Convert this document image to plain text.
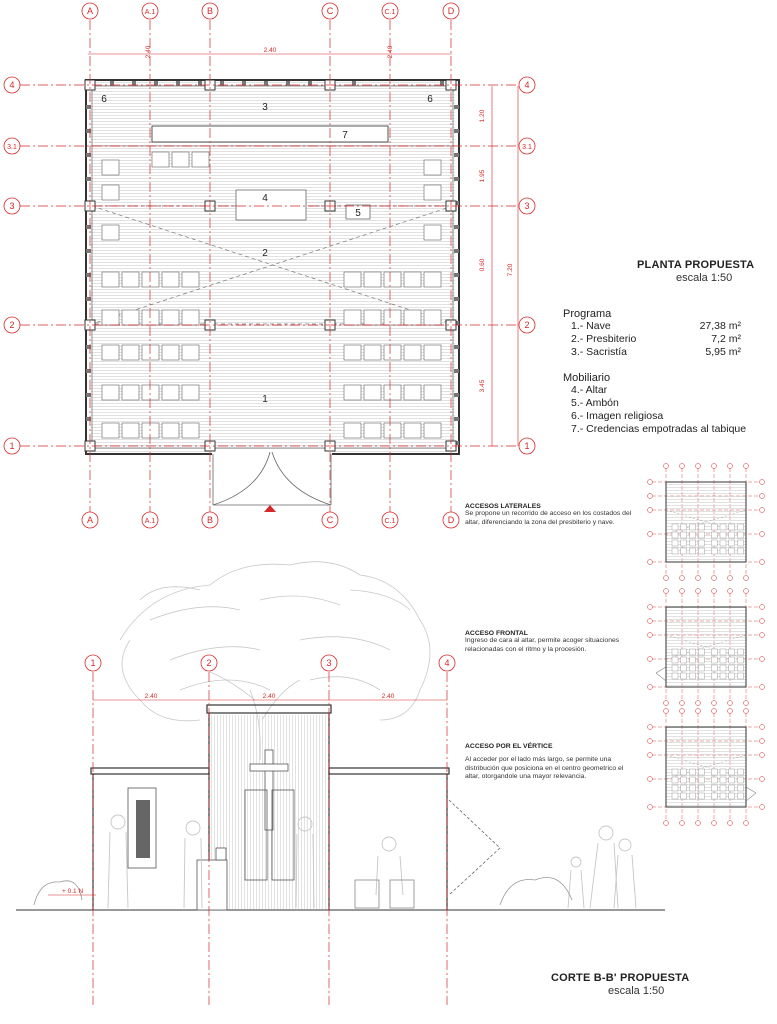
1
2
3
4
5
6	6
7
A
A
A.1
A.1
B
B
C
C
C.1
C.1
D
D
4	4
3.1	3.1
3	3
2	2
1	1
2.40	2.40	2.40
1.20
1.95
0.60
3.45
7.20
+ 0.1 N
1	2	3	4
2.40	2.40	2.40
PLANTA PROPUESTA
escala 1:50
Programa
1.- Nave	27,38 m²
2.- Presbiterio	7,2 m²
3.- Sacristía	5,95 m²
Mobiliario
4.- Altar
5.- Ambón
6.- Imagen religiosa
7.- Credencias empotradas al tabique
ACCESOS LATERALES
Se propone un recorrido de acceso en los costados del altar, diferenciando la zona del presbiterio y nave.
ACCESO FRONTAL
Ingreso de cara al altar, permite acoger situaciones relacionadas con el ritmo y la procesión.
ACCESO POR EL VÉRTICE
Al acceder por el lado más largo, se permite una distribución que posiciona en el centro geometrico el altar, otorgandole una mayor relevancia.
CORTE B-B' PROPUESTA
escala 1:50
